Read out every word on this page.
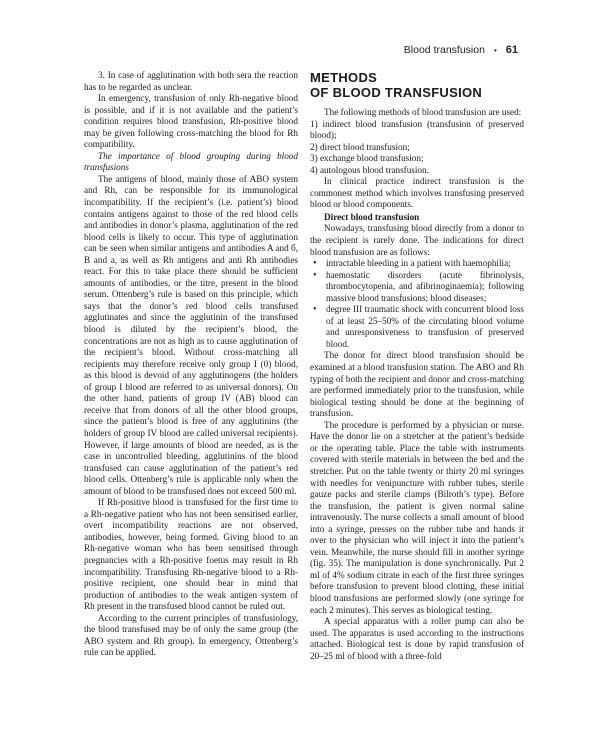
Blood transfusion • 61

3. In case of agglutination with both sera the reaction has to be regarded as unclear.

In emergency, transfusion of only Rh-negative blood is possible, and if it is not available and the patient’s condition requires blood transfusion, Rh-positive blood may be given following cross-matching the blood for Rh compatibility.

The importance of blood grouping during blood transfusions

The antigens of blood, mainly those of ABO system and Rh, can be responsible for its immunological incompatibility. If the recipient’s (i.e. patient’s) blood contains antigens against to those of the red blood cells and antibodies in donor’s plasma, agglutination of the red blood cells is likely to occur. This type of agglutination can be seen when similar antigens and antibodies A and б, B and а, as well as Rh antigens and anti Rh antibodies react. For this to take place there should be sufficient amounts of antibodies, or the titre, present in the blood serum. Ottenberg’s rule is based on this principle, which says that the donor’s red blood cells transfused agglutinates and since the agglutinin of the transfused blood is diluted by the recipient’s blood, the concentrations are not as high as to cause agglutination of the recipient’s blood. Without cross-matching all recipients may therefore receive only group I (0) blood, as this blood is devoid of any agglutinogens (the holders of group I blood are referred to as universal donors). On the other hand, patients of group IV (AB) blood can receive that from donors of all the other blood groups, since the patient’s blood is free of any agglutinins (the holders of group IV blood are called universal recipients). However, if large amounts of blood are needed, as is the case in uncontrolled bleeding, agglutinins of the blood transfused can cause agglutination of the patient’s red blood cells. Ottenberg’s rule is applicable only when the amount of blood to be transfused does not exceed 500 ml.

If Rh-positive blood is transfused for the first time to a Rh-negative patient who has not been sensitised earlier, overt incompatibility reactions are not observed, antibodies, however, being formed. Giving blood to an Rh-negative woman who has been sensitised through pregnancies with a Rh-positive foetus may result in Rh incompatibility. Transfusing Rh-negative blood to a Rh-positive recipient, one should bear in mind that production of antibodies to the weak antigen system of Rh present in the transfused blood cannot be ruled out.

According to the current principles of transfusiology, the blood transfused may be of only the same group (the ABO system and Rh group). In emergency, Ottenberg’s rule can be applied.

METHODS
OF BLOOD TRANSFUSION

The following methods of blood transfusion are used:

1) indirect blood transfusion (transfusion of preserved blood);

2) direct blood transfusion;

3) exchange blood transfusion;

4) autologous blood transfusion.

In clinical practice indirect transfusion is the commonest method which involves transfusing preserved blood or blood components.

Direct blood transfusion

Nowadays, transfusing blood directly from a donor to the recipient is rarely done. The indications for direct blood transfusion are as follows:

• intractable bleeding in a patient with haemophilia;
• haemostatic disorders (acute fibrinolysis, thrombocytopenia, and afibrinoginaemia); following massive blood transfusions; blood diseases;
• degree III traumatic shock with concurrent blood loss of at least 25–50% of the circulating blood volume and unresponsiveness to transfusion of preserved blood.

The donor for direct blood transfusion should be examined at a blood transfusion station. The ABO and Rh typing of both the recipient and donor and cross-matching are performed immediately prior to the transfusion, while biological testing should be done at the beginning of transfusion.

The procedure is performed by a physician or nurse. Have the donor lie on a stretcher at the patient’s bedside or the operating table. Place the table with instruments covered with sterile materials in between the bed and the stretcher. Put on the table twenty or thirty 20 ml syringes with needles for venipuncture with rubber tubes, sterile gauze packs and sterile clamps (Bilroth’s type). Before the transfusion, the patient is given normal saline intravenously. The nurse collects a small amount of blood into a syringe, presses on the rubber tube and hands it over to the physician who will inject it into the patient’s vein. Meanwhile, the nurse should fill in another syringe (fig. 35). The manipulation is done synchronically. Put 2 ml of 4% sodium citrate in each of the first three syringes before transfusion to prevent blood clotting, these initial blood transfusions are performed slowly (one syringe for each 2 minutes). This serves as biological testing.

A special apparatus with a roller pump can also be used. The apparatus is used according to the instructions attached. Biological test is done by rapid transfusion of 20–25 ml of blood with a three-fold
